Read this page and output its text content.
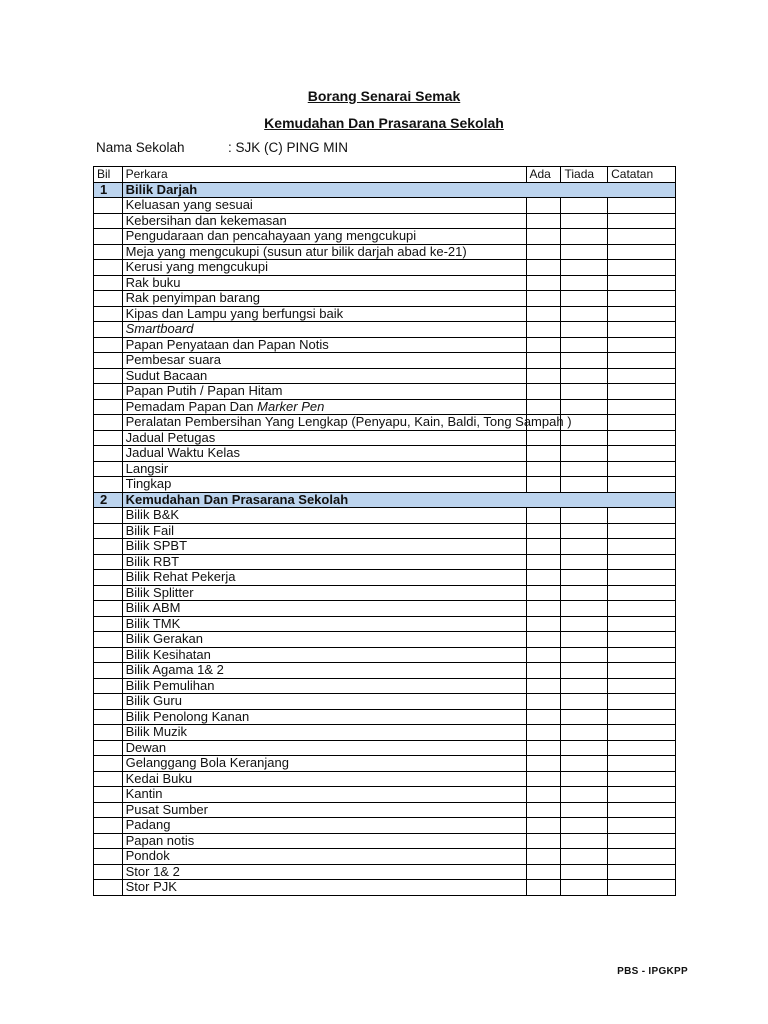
Borang Senarai Semak
Kemudahan Dan Prasarana Sekolah
Nama Sekolah	: SJK (C) PING MIN
Bil	Perkara	Ada	Tiada	Catatan
1	Bilik Darjah			
	Keluasan yang sesuai			
	Kebersihan dan kekemasan			
	Pengudaraan dan pencahayaan yang mengcukupi			
	Meja yang mengcukupi (susun atur bilik darjah abad ke-21)			
	Kerusi yang mengcukupi			
	Rak buku			
	Rak penyimpan barang			
	Kipas dan Lampu yang berfungsi baik			
	Smartboard			
	Papan Penyataan dan Papan Notis			
	Pembesar suara			
	Sudut Bacaan			
	Papan Putih / Papan Hitam			
	Pemadam Papan Dan Marker Pen			
	Peralatan Pembersihan Yang Lengkap (Penyapu, Kain, Baldi, Tong Sampah )			
	Jadual Petugas			
	Jadual Waktu Kelas			
	Langsir			
	Tingkap			
2	Kemudahan Dan Prasarana Sekolah			
	Bilik B&K			
	Bilik Fail			
	Bilik SPBT			
	Bilik RBT			
	Bilik Rehat Pekerja			
	Bilik Splitter			
	Bilik ABM			
	Bilik TMK			
	Bilik Gerakan			
	Bilik Kesihatan			
	Bilik Agama 1& 2			
	Bilik Pemulihan			
	Bilik Guru			
	Bilik Penolong Kanan			
	Bilik Muzik			
	Dewan			
	Gelanggang Bola Keranjang			
	Kedai Buku			
	Kantin			
	Pusat Sumber			
	Padang			
	Papan notis			
	Pondok			
	Stor 1& 2			
	Stor PJK			
PBS - IPGKPP
